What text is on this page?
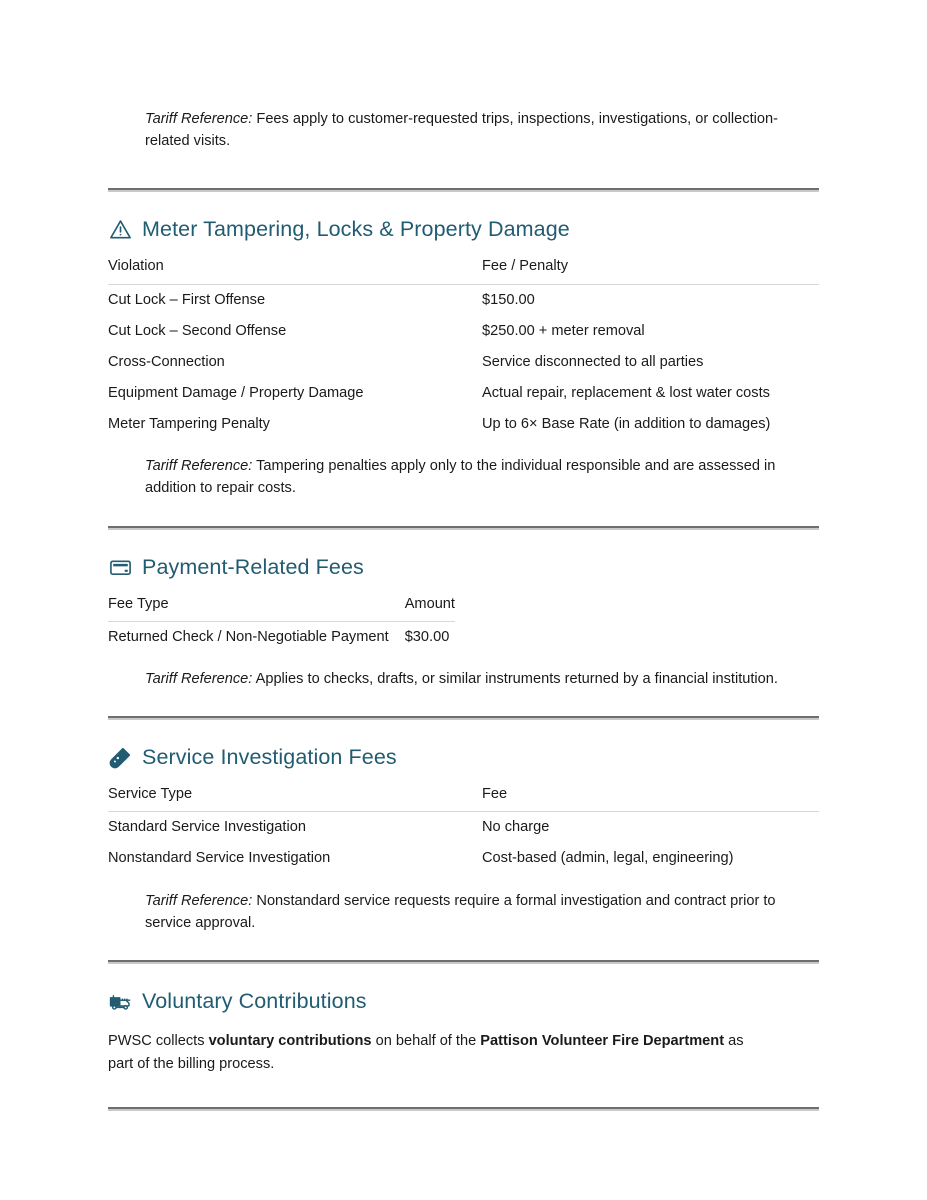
Tariff Reference: Fees apply to customer-requested trips, inspections, investigations, or collection-related visits.

Meter Tampering, Locks & Property Damage
Violation	Fee / Penalty
Cut Lock – First Offense	$150.00
Cut Lock – Second Offense	$250.00 + meter removal
Cross-Connection	Service disconnected to all parties
Equipment Damage / Property Damage	Actual repair, replacement & lost water costs
Meter Tampering Penalty	Up to 6× Base Rate (in addition to damages)

Tariff Reference: Tampering penalties apply only to the individual responsible and are assessed in addition to repair costs.

Payment-Related Fees
Fee Type	Amount
Returned Check / Non-Negotiable Payment	$30.00

Tariff Reference: Applies to checks, drafts, or similar instruments returned by a financial institution.

Service Investigation Fees
Service Type	Fee
Standard Service Investigation	No charge
Nonstandard Service Investigation	Cost-based (admin, legal, engineering)

Tariff Reference: Nonstandard service requests require a formal investigation and contract prior to service approval.

Voluntary Contributions

PWSC collects voluntary contributions on behalf of the Pattison Volunteer Fire Department as part of the billing process.
